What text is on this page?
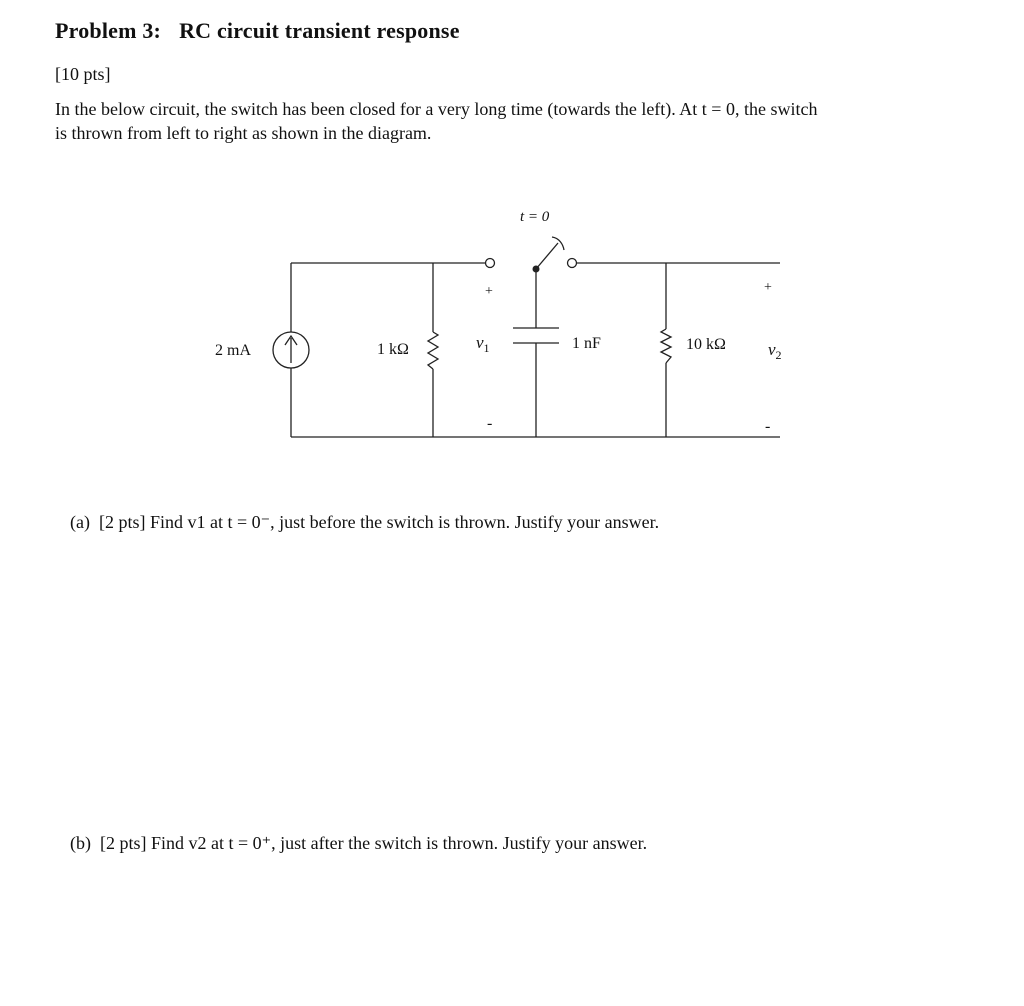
Problem 3: RC circuit transient response
[10 pts]
In the below circuit, the switch has been closed for a very long time (towards the left). At t = 0, the switch
is thrown from left to right as shown in the diagram.
2 mA	1 kΩ
+
$v_1$
-
t = 0
1 nF	10 kΩ
+
$v_2$
-
(a) [2 pts] Find v1 at t = 0⁻, just before the switch is thrown. Justify your answer.
(b) [2 pts] Find v2 at t = 0⁺, just after the switch is thrown. Justify your answer.
